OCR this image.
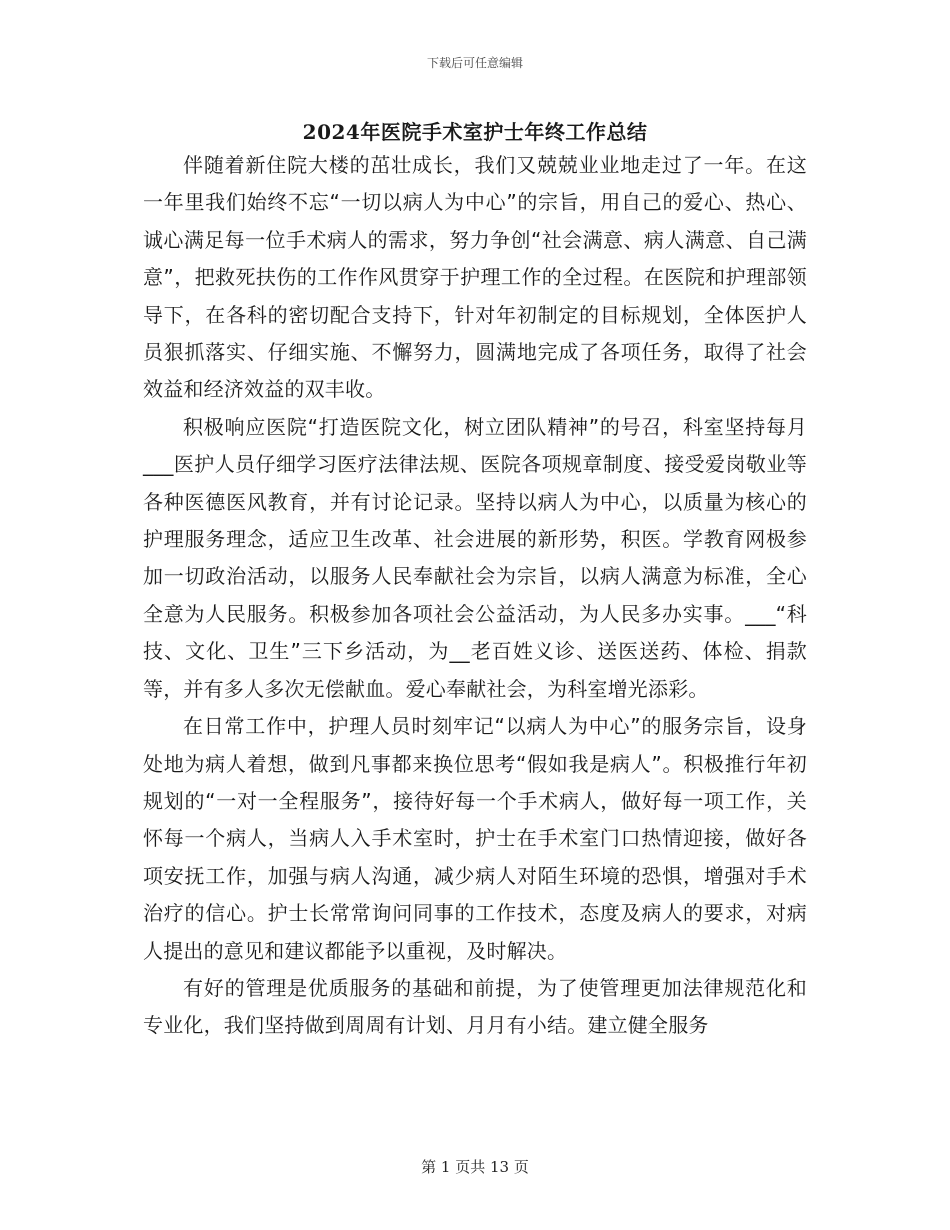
下载后可任意编辑
2024年医院手术室护士年终工作总结

伴随着新住院大楼的茁壮成长，我们又兢兢业业地走过了一年。在这一年里我们始终不忘“一切以病人为中心”的宗旨，用自己的爱心、热心、诚心满足每一位手术病人的需求，努力争创“社会满意、病人满意、自己满意”，把救死扶伤的工作作风贯穿于护理工作的全过程。在医院和护理部领导下，在各科的密切配合支持下，针对年初制定的目标规划，全体医护人员狠抓落实、仔细实施、不懈努力，圆满地完成了各项任务，取得了社会效益和经济效益的双丰收。

积极响应医院“打造医院文化，树立团队精神”的号召，科室坚持每月___医护人员仔细学习医疗法律法规、医院各项规章制度、接受爱岗敬业等各种医德医风教育，并有讨论记录。坚持以病人为中心，以质量为核心的护理服务理念，适应卫生改革、社会进展的新形势，积医。学教育网极参加一切政治活动，以服务人民奉献社会为宗旨，以病人满意为标准，全心全意为人民服务。积极参加各项社会公益活动，为人民多办实事。___“科技、文化、卫生”三下乡活动，为__老百姓义诊、送医送药、体检、捐款等，并有多人多次无偿献血。爱心奉献社会，为科室增光添彩。

在日常工作中，护理人员时刻牢记“以病人为中心”的服务宗旨，设身处地为病人着想，做到凡事都来换位思考“假如我是病人”。积极推行年初规划的“一对一全程服务”，接待好每一个手术病人，做好每一项工作，关怀每一个病人，当病人入手术室时，护士在手术室门口热情迎接，做好各项安抚工作，加强与病人沟通，减少病人对陌生环境的恐惧，增强对手术治疗的信心。护士长常常询问同事的工作技术，态度及病人的要求，对病人提出的意见和建议都能予以重视，及时解决。

有好的管理是优质服务的基础和前提，为了使管理更加法律规范化和专业化，我们坚持做到周周有计划、月月有小结。建立健全服务

第 1 页共 13 页
